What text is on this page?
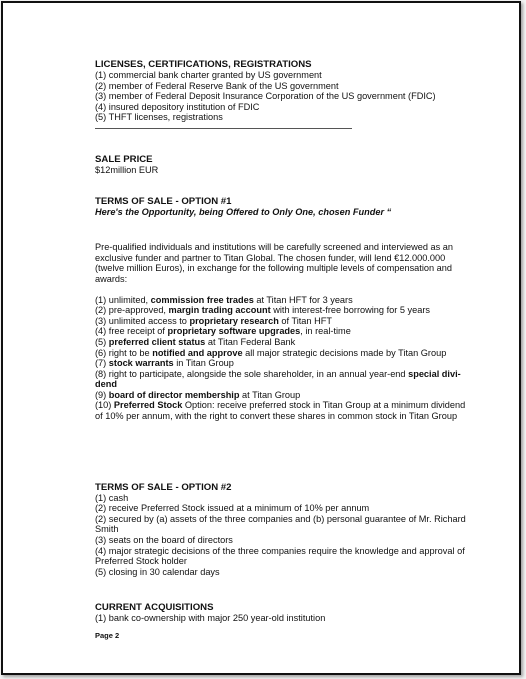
LICENSES, CERTIFICATIONS, REGISTRATIONS
(1) commercial bank charter granted by US government
(2) member of Federal Reserve Bank of the US government
(3) member of Federal Deposit Insurance Corporation of the US government (FDIC)
(4) insured depository institution of FDIC
(5) THFT licenses, registrations
SALE PRICE
$12million EUR
TERMS OF SALE - OPTION #1
Here's the Opportunity, being Offered to Only One, chosen Funder “

Pre-qualified individuals and institutions will be carefully screened and interviewed as an exclusive funder and partner to Titan Global. The chosen funder, will lend €12.000.000 (twelve million Euros), in exchange for the following multiple levels of compensation and awards:

(1) unlimited, commission free trades at Titan HFT for 3 years
(2) pre-approved, margin trading account with interest-free borrowing for 5 years
(3) unlimited access to proprietary research of Titan HFT
(4) free receipt of proprietary software upgrades, in real-time
(5) preferred client status at Titan Federal Bank
(6) right to be notified and approve all major strategic decisions made by Titan Group
(7) stock warrants in Titan Group
(8) right to participate, alongside the sole shareholder, in an annual year-end special divi-dend
(9) board of director membership at Titan Group
(10) Preferred Stock Option: receive preferred stock in Titan Group at a minimum dividend of 10% per annum, with the right to convert these shares in common stock in Titan Group
TERMS OF SALE - OPTION #2
(1) cash
(2) receive Preferred Stock issued at a minimum of 10% per annum
(2) secured by (a) assets of the three companies and (b) personal guarantee of Mr. Richard Smith
(3) seats on the board of directors
(4) major strategic decisions of the three companies require the knowledge and approval of Preferred Stock holder
(5) closing in 30 calendar days
CURRENT ACQUISITIONS
(1) bank co-ownership with major 250 year-old institution
Page 2
